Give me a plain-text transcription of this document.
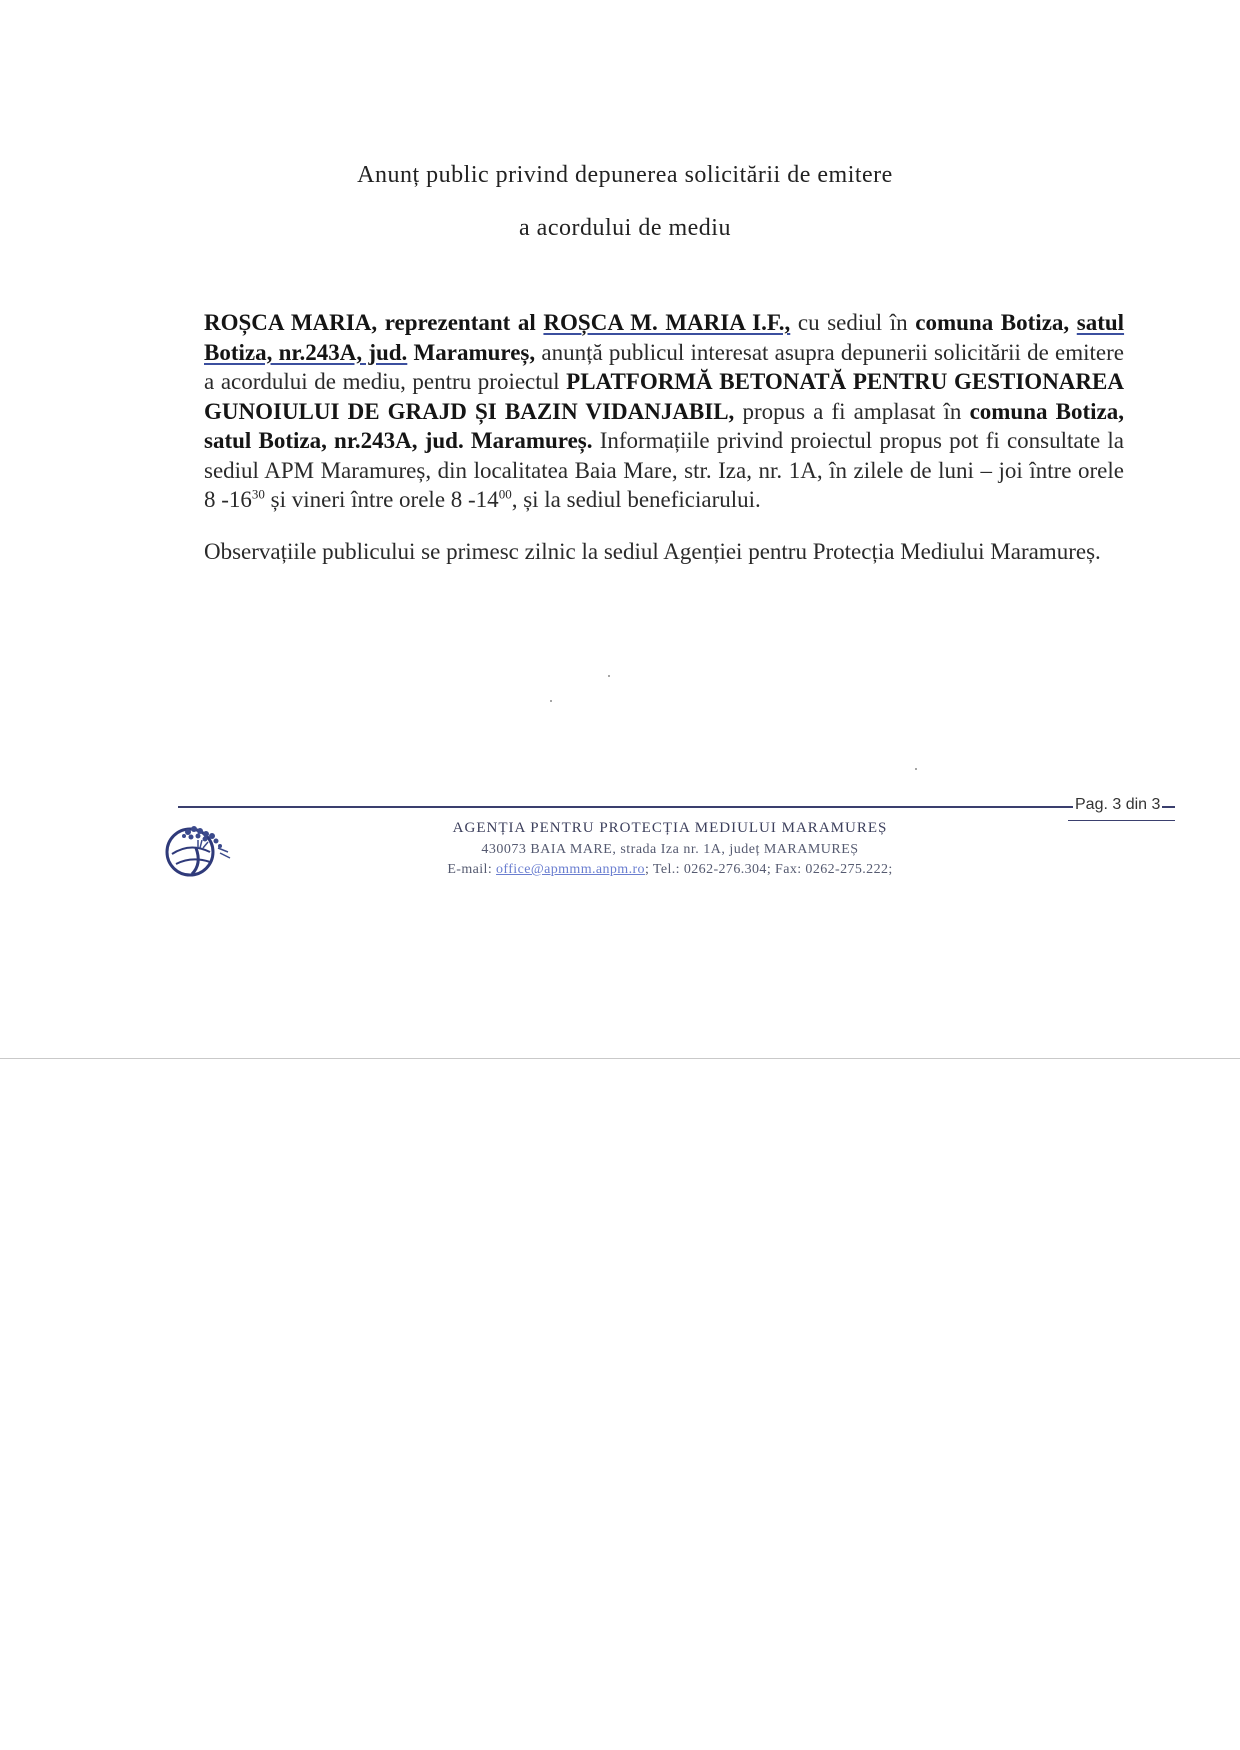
Anunț public privind depunerea solicitării de emitere
a acordului de mediu

ROȘCA MARIA, reprezentant al ROȘCA M. MARIA I.F., cu sediul în comuna Botiza, satul Botiza, nr.243A, jud. Maramureș, anunță publicul interesat asupra depunerii solicitării de emitere a acordului de mediu, pentru proiectul PLATFORMĂ BETONATĂ PENTRU GESTIONAREA GUNOIULUI DE GRAJD ȘI BAZIN VIDANJABIL, propus a fi amplasat în comuna Botiza, satul Botiza, nr.243A, jud. Maramureș. Informațiile privind proiectul propus pot fi consultate la sediul APM Maramureș, din localitatea Baia Mare, str. Iza, nr. 1A, în zilele de luni – joi între orele 8 $-16^{30}$ și vineri între orele 8 $-14^{00}$, și la sediul beneficiarului.

Observațiile publicului se primesc zilnic la sediul Agenției pentru Protecția Mediului Maramureș.

Pag. 3 din 3
AGENȚIA PENTRU PROTECȚIA MEDIULUI MARAMUREȘ
430073 BAIA MARE, strada Iza nr. 1A, județ MARAMUREȘ
E-mail: office@apmmm.anpm.ro; Tel.: 0262-276.304; Fax: 0262-275.222;
